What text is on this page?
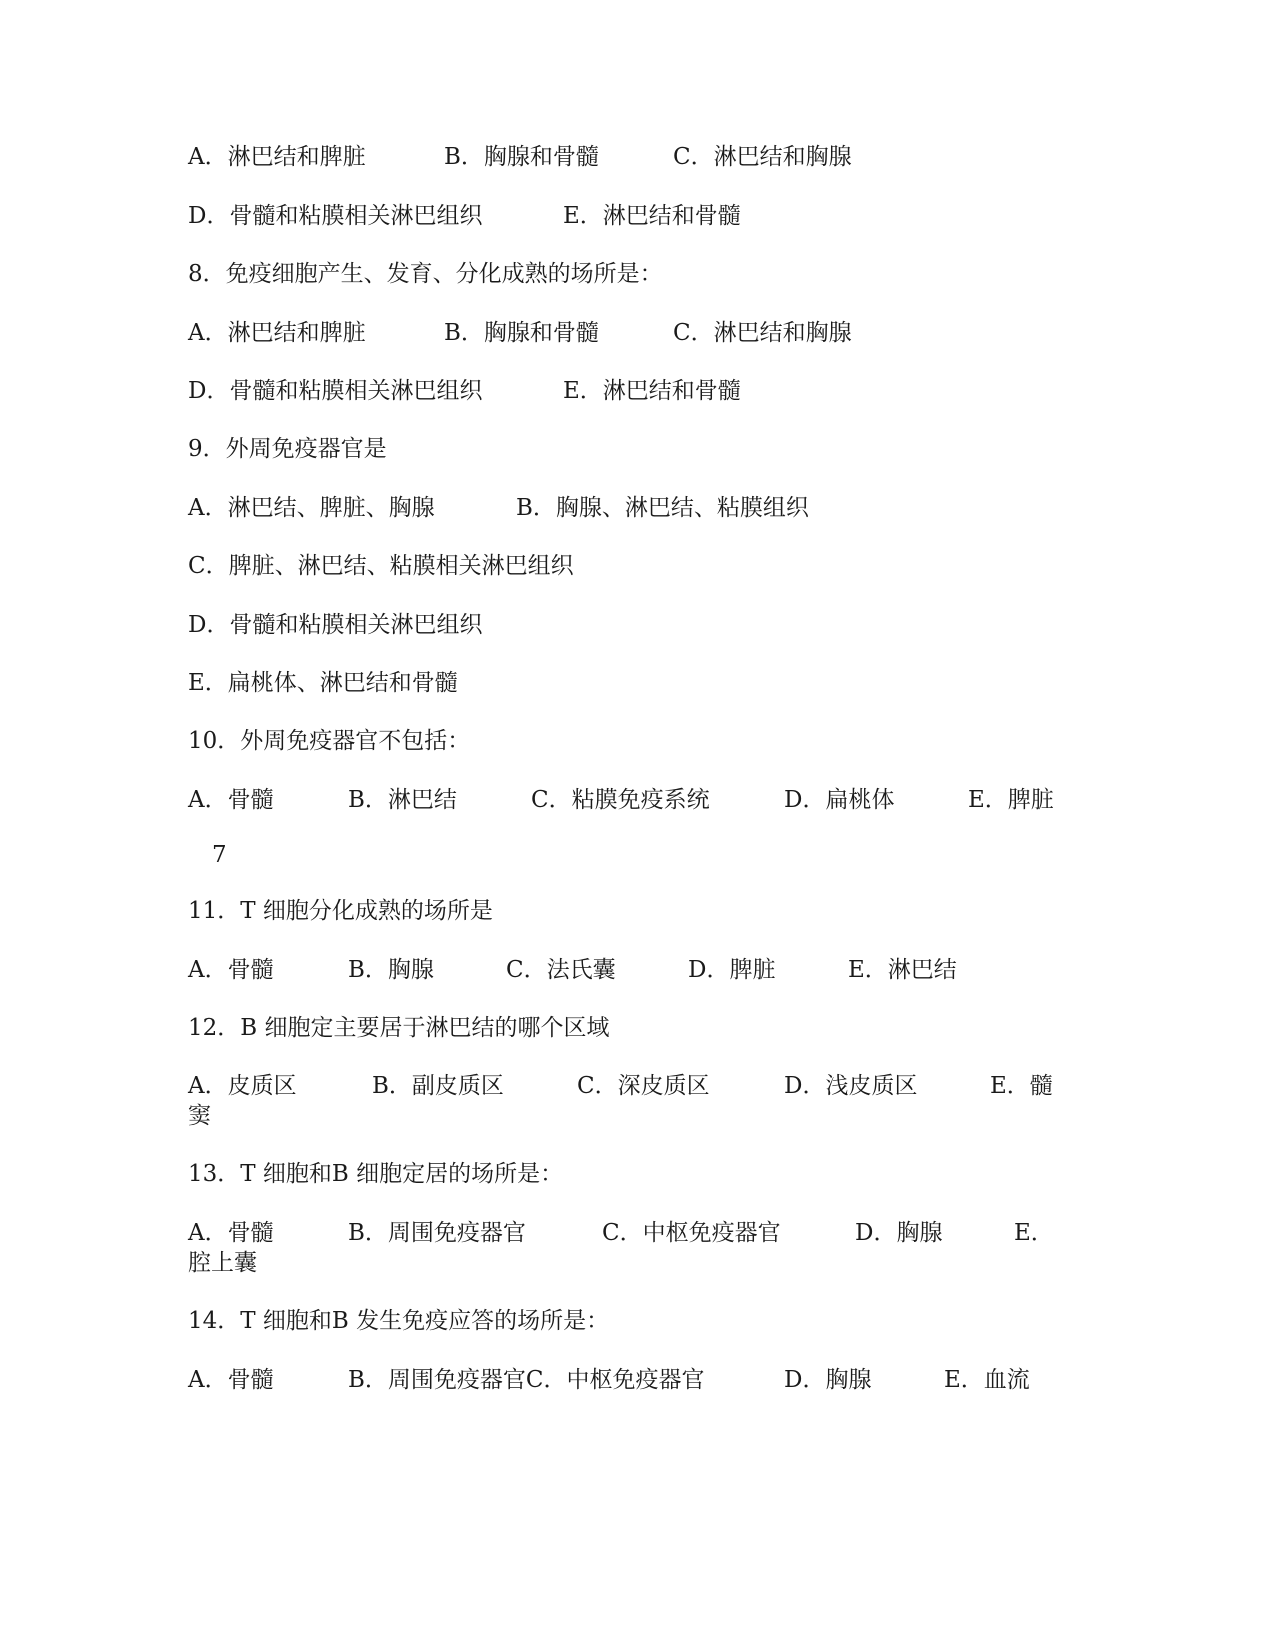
A．淋巴结和脾脏	B．胸腺和骨髓	C．淋巴结和胸腺
D．骨髓和粘膜相关淋巴组织	E．淋巴结和骨髓
8．免疫细胞产生、发育、分化成熟的场所是：
A．淋巴结和脾脏	B．胸腺和骨髓	C．淋巴结和胸腺
D．骨髓和粘膜相关淋巴组织	E．淋巴结和骨髓
9．外周免疫器官是
A．淋巴结、脾脏、胸腺	B．胸腺、淋巴结、粘膜组织
C．脾脏、淋巴结、粘膜相关淋巴组织
D．骨髓和粘膜相关淋巴组织
E．扁桃体、淋巴结和骨髓
10．外周免疫器官不包括：
A．骨髓	B．淋巴结	C．粘膜免疫系统	D．扁桃体	E．脾脏
7
11．T 细胞分化成熟的场所是
A．骨髓	B．胸腺	C．法氏囊	D．脾脏	E．淋巴结
12．B 细胞定主要居于淋巴结的哪个区域
A．皮质区	B．副皮质区	C．深皮质区	D．浅皮质区	E．髓
窦
13．T 细胞和B 细胞定居的场所是：
A．骨髓	B．周围免疫器官	C．中枢免疫器官	D．胸腺	E．
腔上囊
14．T 细胞和B 发生免疫应答的场所是：
A．骨髓	B．周围免疫器官C．中枢免疫器官	D．胸腺	E．血流
